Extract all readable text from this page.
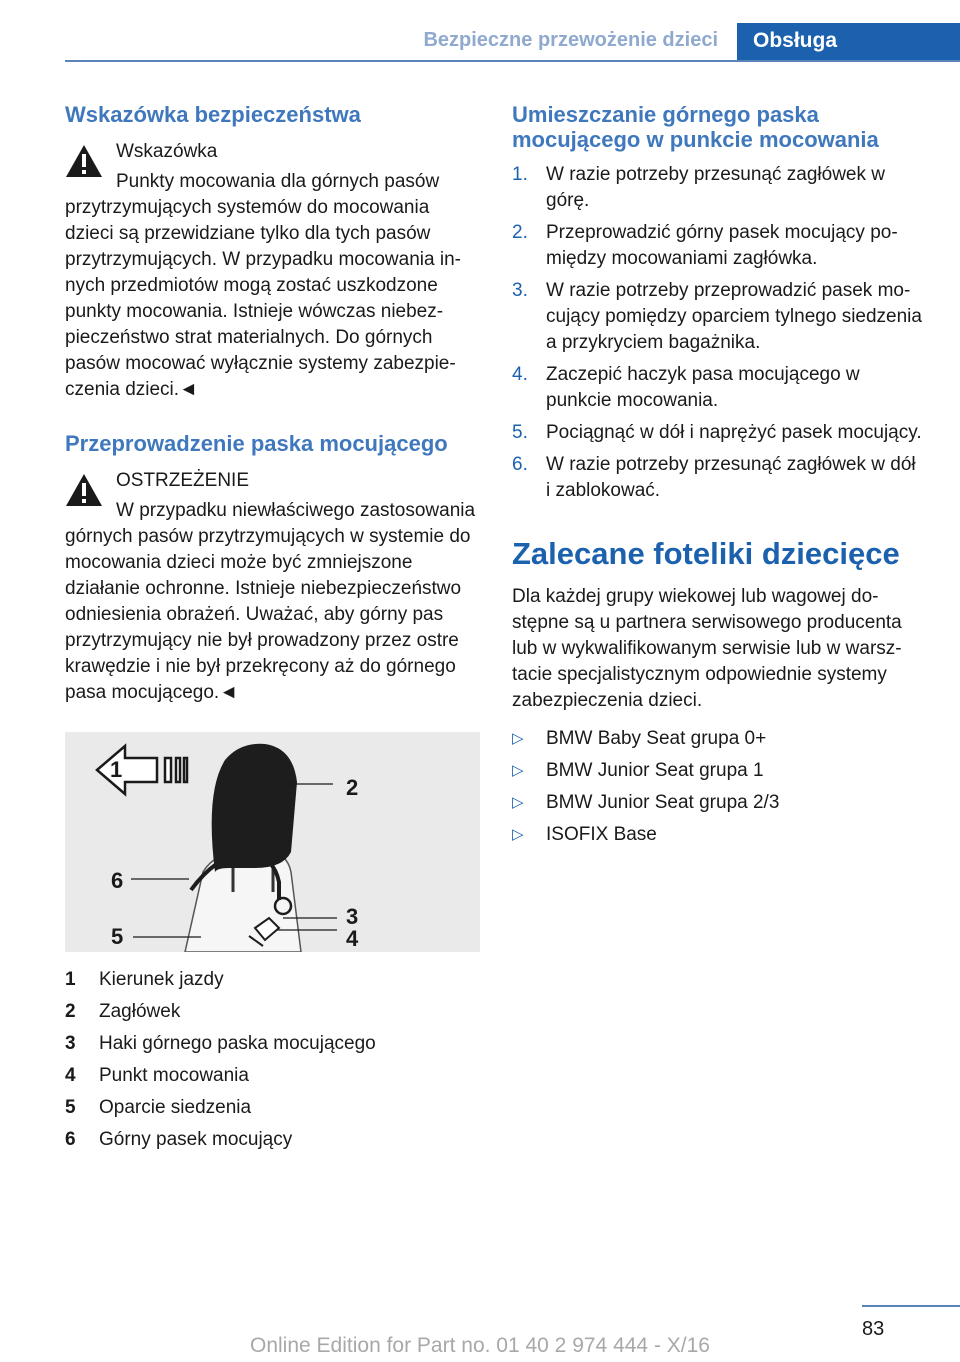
Bezpieczne przewożenie dzieci	Obsługa
Wskazówka bezpieczeństwa
Wskazówka

Punkty mocowania dla górnych pasów przytrzymujących systemów do mocowania dzieci są przewidziane tylko dla tych pasów przytrzymujących. W przypadku mocowania innych przedmiotów mogą zostać uszkodzone punkty mocowania. Istnieje wówczas niebezpieczeństwo strat materialnych. Do górnych pasów mocować wyłącznie systemy zabezpieczenia dzieci.◄

Przeprowadzenie paska mocującego
OSTRZEŻENIE

W przypadku niewłaściwego zastosowania górnych pasów przytrzymujących w systemie do mocowania dzieci może być zmniejszone działanie ochronne. Istnieje niebezpieczeństwo odniesienia obrażeń. Uważać, aby górny pas przytrzymujący nie był prowadzony przez ostre krawędzie i nie był przekręcony aż do górnego pasa mocującego.◄

1
2
3
4
5
6
1	Kierunek jazdy
2	Zagłówek
3	Haki górnego paska mocującego
4	Punkt mocowania
5	Oparcie siedzenia
6	Górny pasek mocujący
Umieszczanie górnego paska mocującego w punkcie mocowania
1. W razie potrzeby przesunąć zagłówek w górę.
2. Przeprowadzić górny pasek mocujący pomiędzy mocowaniami zagłówka.
3. W razie potrzeby przeprowadzić pasek mocujący pomiędzy oparciem tylnego siedzenia a przykryciem bagażnika.
4. Zaczepić haczyk pasa mocującego w punkcie mocowania.
5. Pociągnąć w dół i naprężyć pasek mocujący.
6. W razie potrzeby przesunąć zagłówek w dół i zablokować.
Zalecane foteliki dziecięce

Dla każdej grupy wiekowej lub wagowej dostępne są u partnera serwisowego producenta lub w wykwalifikowanym serwisie lub w warsztacie specjalistycznym odpowiednie systemy zabezpieczenia dzieci.

▷	BMW Baby Seat grupa 0+
▷	BMW Junior Seat grupa 1
▷	BMW Junior Seat grupa 2/3
▷	ISOFIX Base
83
Online Edition for Part no. 01 40 2 974 444 - X/16
